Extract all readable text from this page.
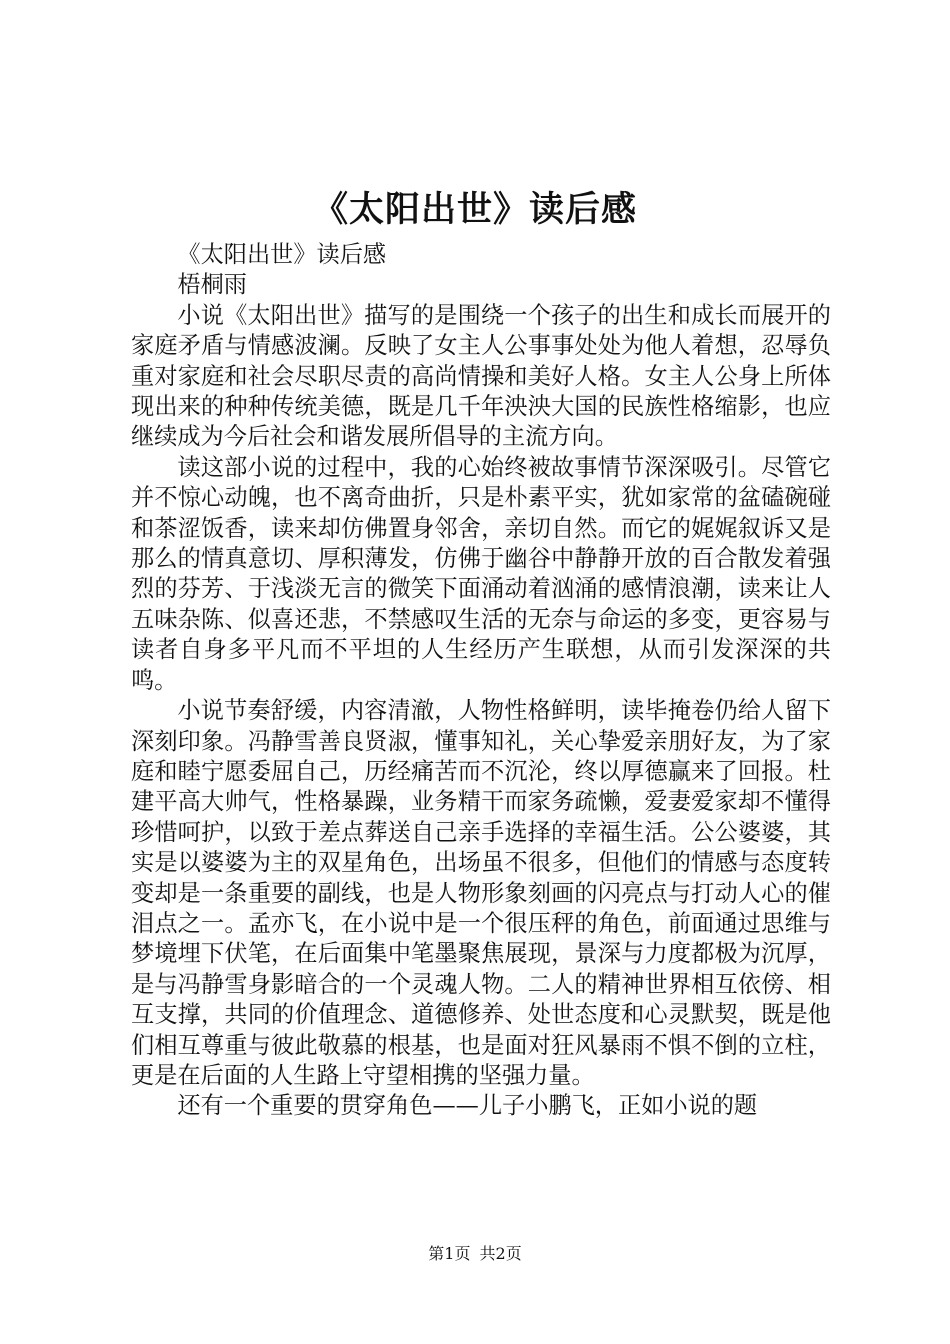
《太阳出世》读后感

《太阳出世》读后感

梧桐雨

小说《太阳出世》描写的是围绕一个孩子的出生和成长而展开的家庭矛盾与情感波澜。反映了女主人公事事处处为他人着想，忍辱负重对家庭和社会尽职尽责的高尚情操和美好人格。女主人公身上所体现出来的种种传统美德，既是几千年泱泱大国的民族性格缩影，也应继续成为今后社会和谐发展所倡导的主流方向。

读这部小说的过程中，我的心始终被故事情节深深吸引。尽管它并不惊心动魄，也不离奇曲折，只是朴素平实，犹如家常的盆磕碗碰和茶涩饭香，读来却仿佛置身邻舍，亲切自然。而它的娓娓叙诉又是那么的情真意切、厚积薄发，仿佛于幽谷中静静开放的百合散发着强烈的芬芳、于浅淡无言的微笑下面涌动着汹涌的感情浪潮，读来让人五味杂陈、似喜还悲，不禁感叹生活的无奈与命运的多变，更容易与读者自身多平凡而不平坦的人生经历产生联想，从而引发深深的共鸣。

小说节奏舒缓，内容清澈，人物性格鲜明，读毕掩卷仍给人留下深刻印象。冯静雪善良贤淑，懂事知礼，关心挚爱亲朋好友，为了家庭和睦宁愿委屈自己，历经痛苦而不沉沦，终以厚德赢来了回报。杜建平高大帅气，性格暴躁，业务精干而家务疏懒，爱妻爱家却不懂得珍惜呵护，以致于差点葬送自己亲手选择的幸福生活。公公婆婆，其实是以婆婆为主的双星角色，出场虽不很多，但他们的情感与态度转变却是一条重要的副线，也是人物形象刻画的闪亮点与打动人心的催泪点之一。孟亦飞，在小说中是一个很压秤的角色，前面通过思维与梦境埋下伏笔，在后面集中笔墨聚焦展现，景深与力度都极为沉厚，是与冯静雪身影暗合的一个灵魂人物。二人的精神世界相互依傍、相互支撑，共同的价值理念、道德修养、处世态度和心灵默契，既是他们相互尊重与彼此敬慕的根基，也是面对狂风暴雨不惧不倒的立柱，更是在后面的人生路上守望相携的坚强力量。

还有一个重要的贯穿角色——儿子小鹏飞，正如小说的题

第1页 共2页
